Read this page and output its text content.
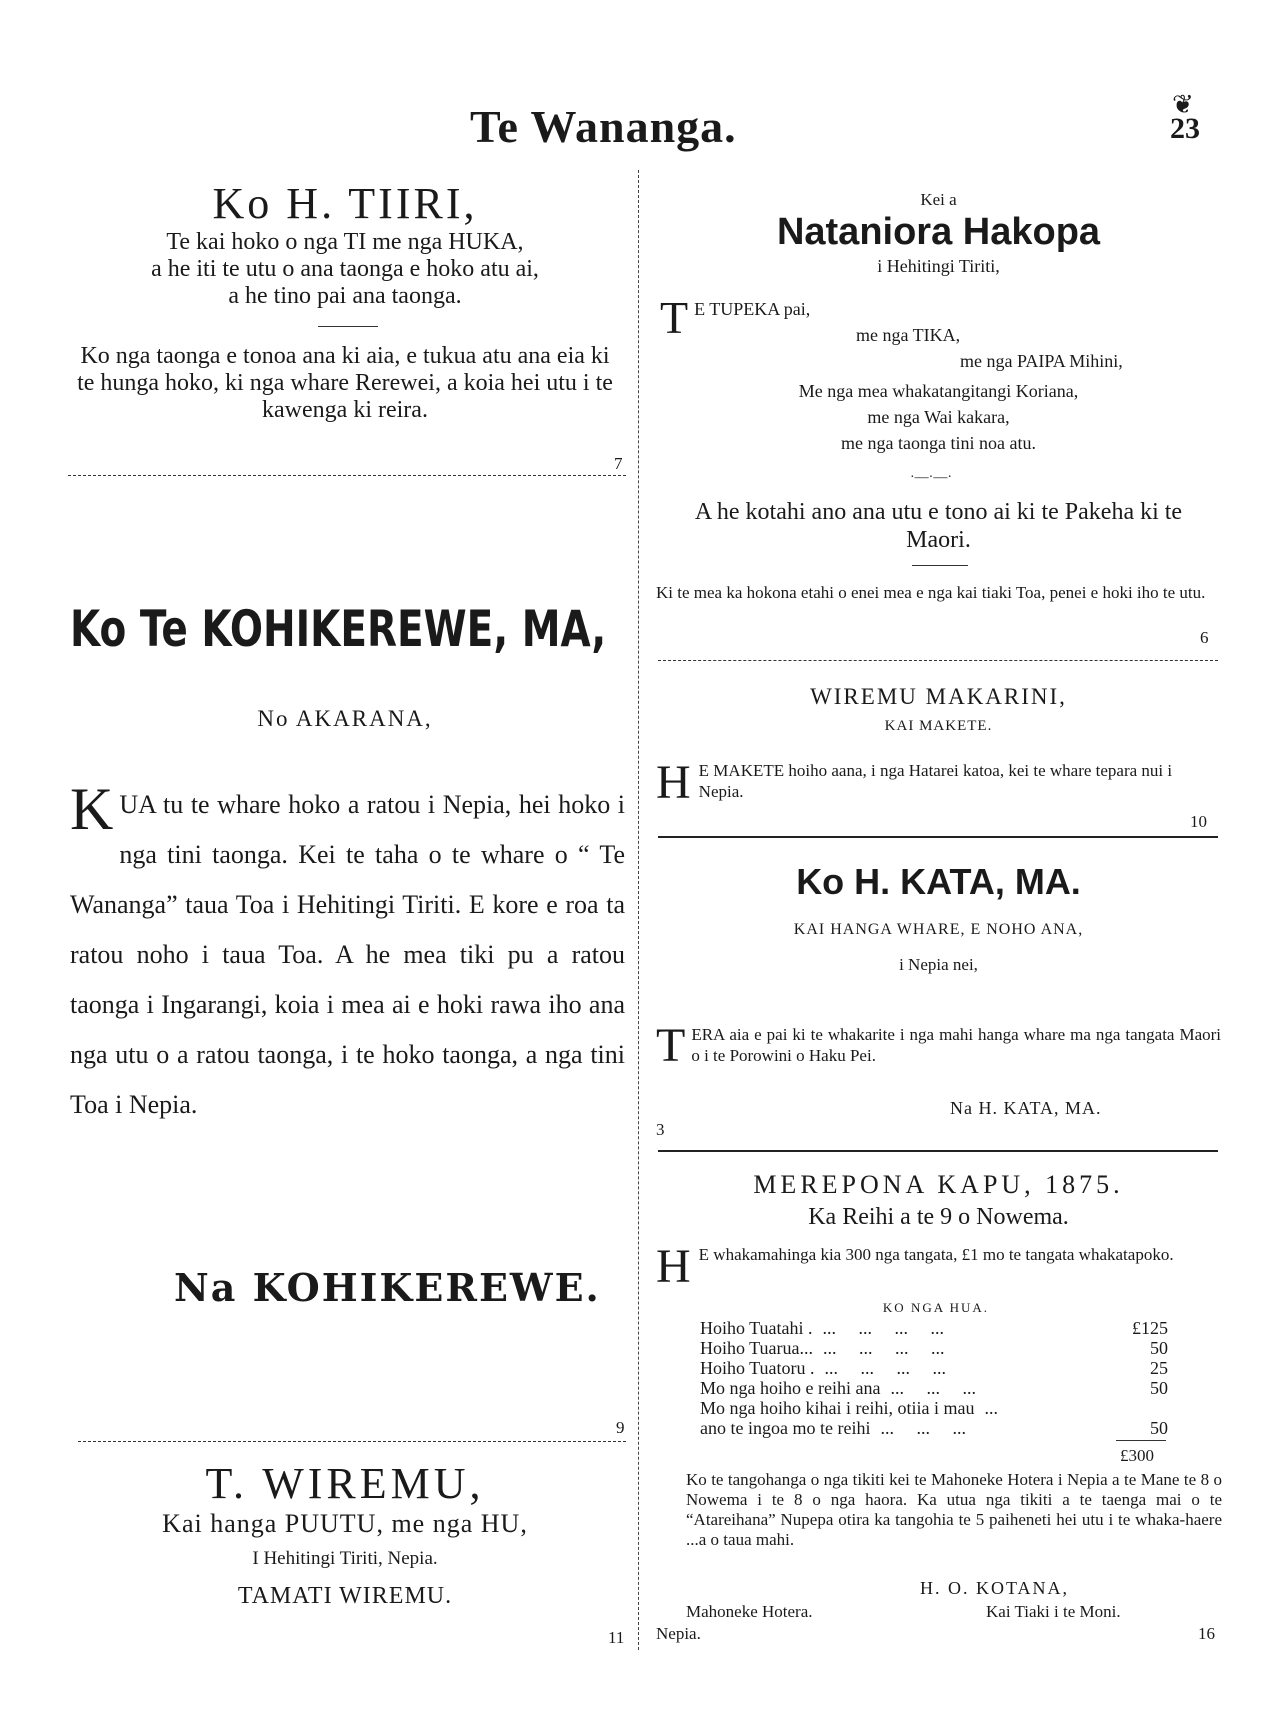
Te Wananga.	❦
23
Ko H. TIIRI,
Te kai hoko o nga TI me nga HUKA,
a he iti te utu o ana taonga e hoko atu ai,
a he tino pai ana taonga.
Ko nga taonga e tonoa ana ki aia, e tukua atu ana eia ki te hunga hoko, ki nga whare Rerewei, a koia hei utu i te kawenga ki reira.
7
Ko Te KOHIKEREWE, MA,
No AKARANA,
KUA tu te whare hoko a ratou i Nepia, hei hoko i nga tini taonga. Kei te taha o te whare o “ Te Wananga” taua Toa i Hehitingi Tiriti. E kore e roa ta ratou noho i taua Toa. A he mea tiki pu a ratou taonga i Ingarangi, koia i mea ai e hoki rawa iho ana nga utu o a ratou taonga, i te hoko taonga, a nga tini Toa i Nepia.
Na KOHIKEREWE.
9
T. WIREMU,
Kai hanga PUUTU, me nga HU,
I Hehitingi Tiriti, Nepia.
TAMATI WIREMU.
11
Kei a
Nataniora Hakopa
i Hehitingi Tiriti,
T E TUPEKA pai,
me nga TIKA,
me nga PAIPA Mihini,
Me nga mea whakatangitangi Koriana,
me nga Wai kakara,
me nga taonga tini noa atu.
·—·—·
A he kotahi ano ana utu e tono ai ki te Pakeha ki te Maori.
Ki te mea ka hokona etahi o enei mea e nga kai tiaki Toa, penei e hoki iho te utu.
6
WIREMU MAKARINI,
KAI MAKETE.
H E MAKETE hoiho aana, i nga Hatarei katoa, kei te whare tepara nui i Nepia.
10
Ko H. KATA, MA.
KAI HANGA WHARE, E NOHO ANA,
i Nepia nei,
TERA aia e pai ki te whakarite i nga mahi hanga whare ma nga tangata Maori o i te Porowini o Haku Pei.
Na H. KATA, MA.
3
MEREPONA KAPU, 1875.
Ka Reihi a te 9 o Nowema.
H E whakamahinga kia 300 nga tangata, £1 mo te tangata whakatapoko.
KO NGA HUA.
Hoiho Tuatahi . ...     ...     ...     ...	£125
Hoiho Tuarua... ...     ...     ...     ...	50
Hoiho Tuatoru . ...     ...     ...     ...	25
Mo nga hoiho e reihi ana ...     ...     ...	50
Mo nga hoiho kihai i reihi, otiia i mau ...
ano te ingoa mo te reihi ...     ...     ...	50
£300
Ko te tangohanga o nga tikiti kei te Mahoneke Hotera i Nepia a te Mane te 8 o Nowema i te 8 o nga haora. Ka utua nga tikiti a te taenga mai o te “Atareihana” Nupepa otira ka tangohia te 5 paiheneti hei utu i te whaka-haere ...a o taua mahi.
H. O. KOTANA,
Mahoneke Hotera.	Kai Tiaki i te Moni.
Nepia.	16
